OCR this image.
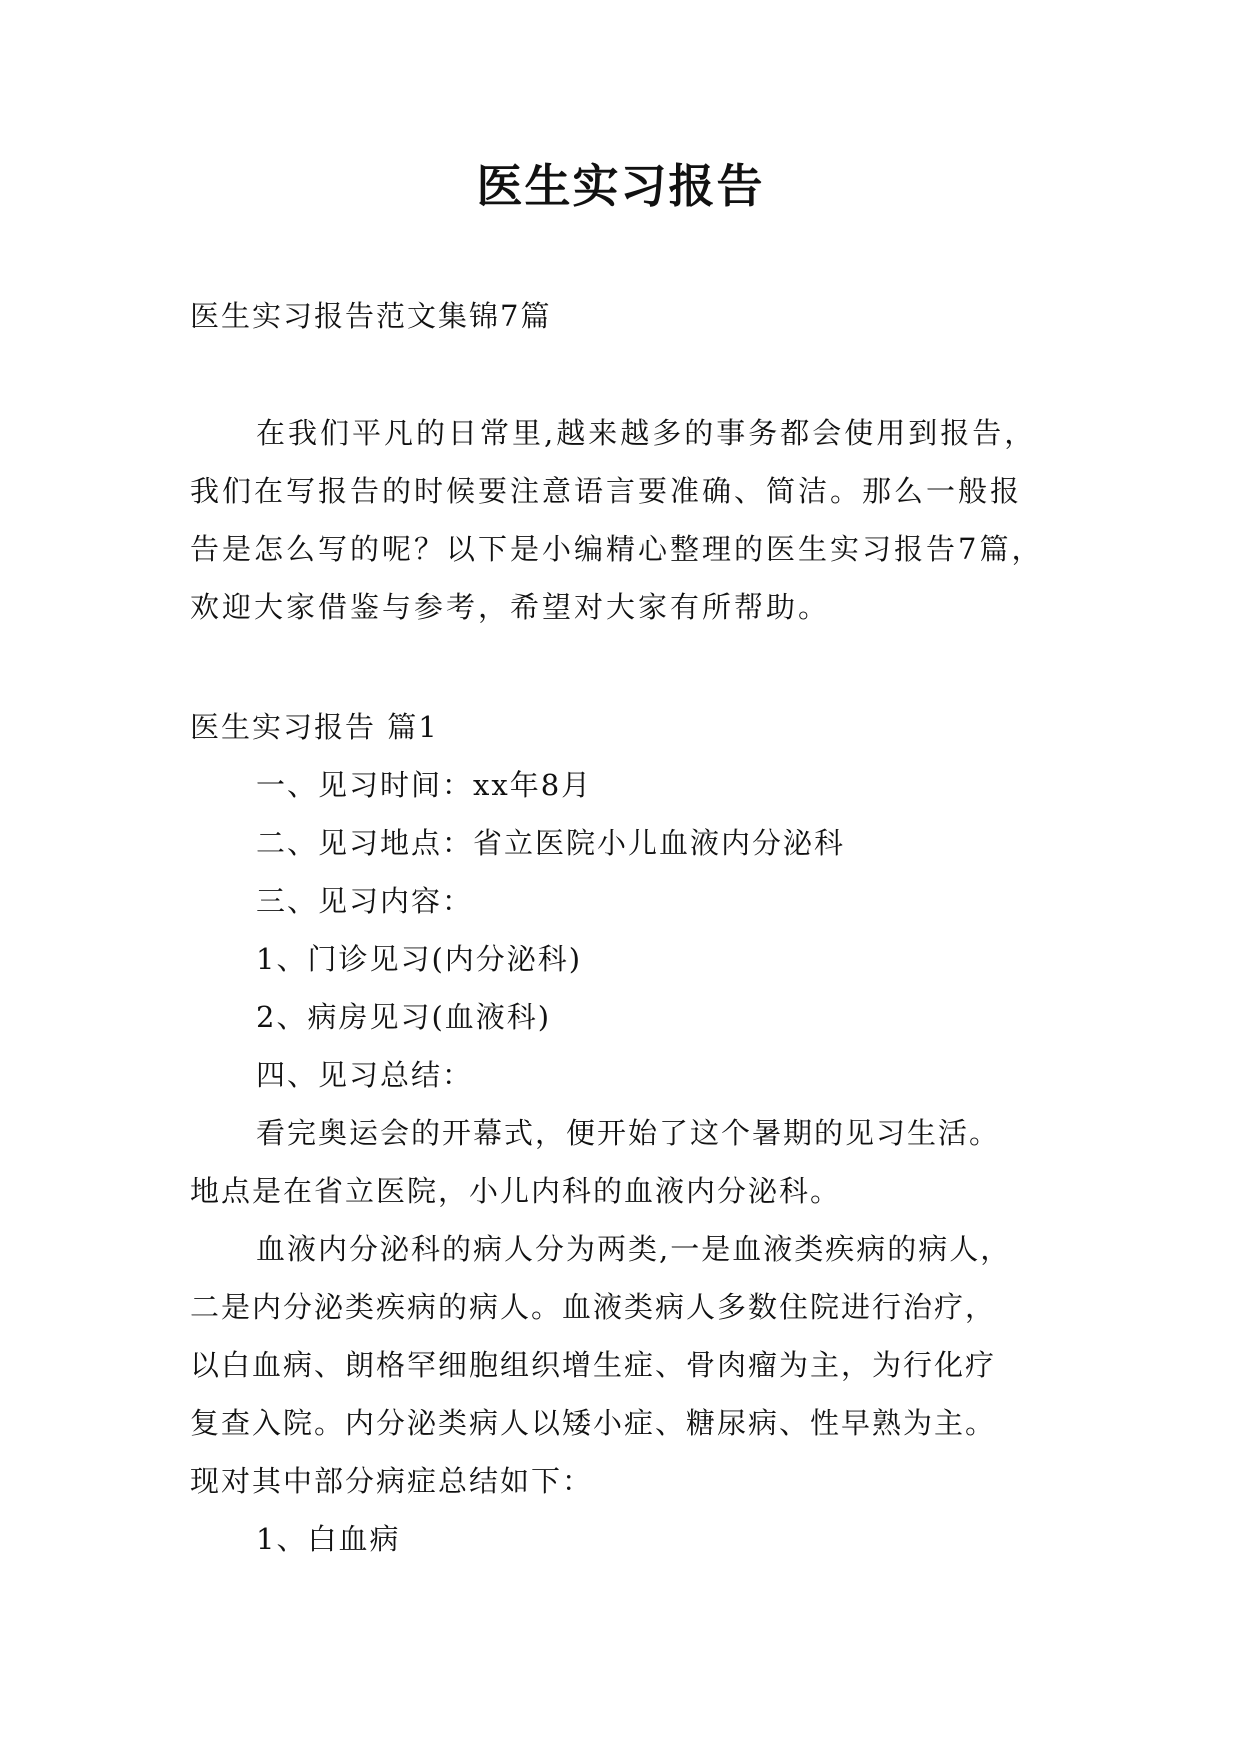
医生实习报告
医生实习报告范文集锦7篇
在我们平凡的日常里,越来越多的事务都会使用到报告，
我们在写报告的时候要注意语言要准确、简洁。那么一般报
告是怎么写的呢？以下是小编精心整理的医生实习报告7篇，
欢迎大家借鉴与参考，希望对大家有所帮助。
医生实习报告 篇1
一、见习时间：xx年8月
二、见习地点：省立医院小儿血液内分泌科
三、见习内容：
1、门诊见习(内分泌科)
2、病房见习(血液科)
四、见习总结：
看完奥运会的开幕式，便开始了这个暑期的见习生活。
地点是在省立医院，小儿内科的血液内分泌科。
血液内分泌科的病人分为两类,一是血液类疾病的病人，
二是内分泌类疾病的病人。血液类病人多数住院进行治疗，
以白血病、朗格罕细胞组织增生症、骨肉瘤为主，为行化疗
复查入院。内分泌类病人以矮小症、糖尿病、性早熟为主。
现对其中部分病症总结如下：
1、白血病
